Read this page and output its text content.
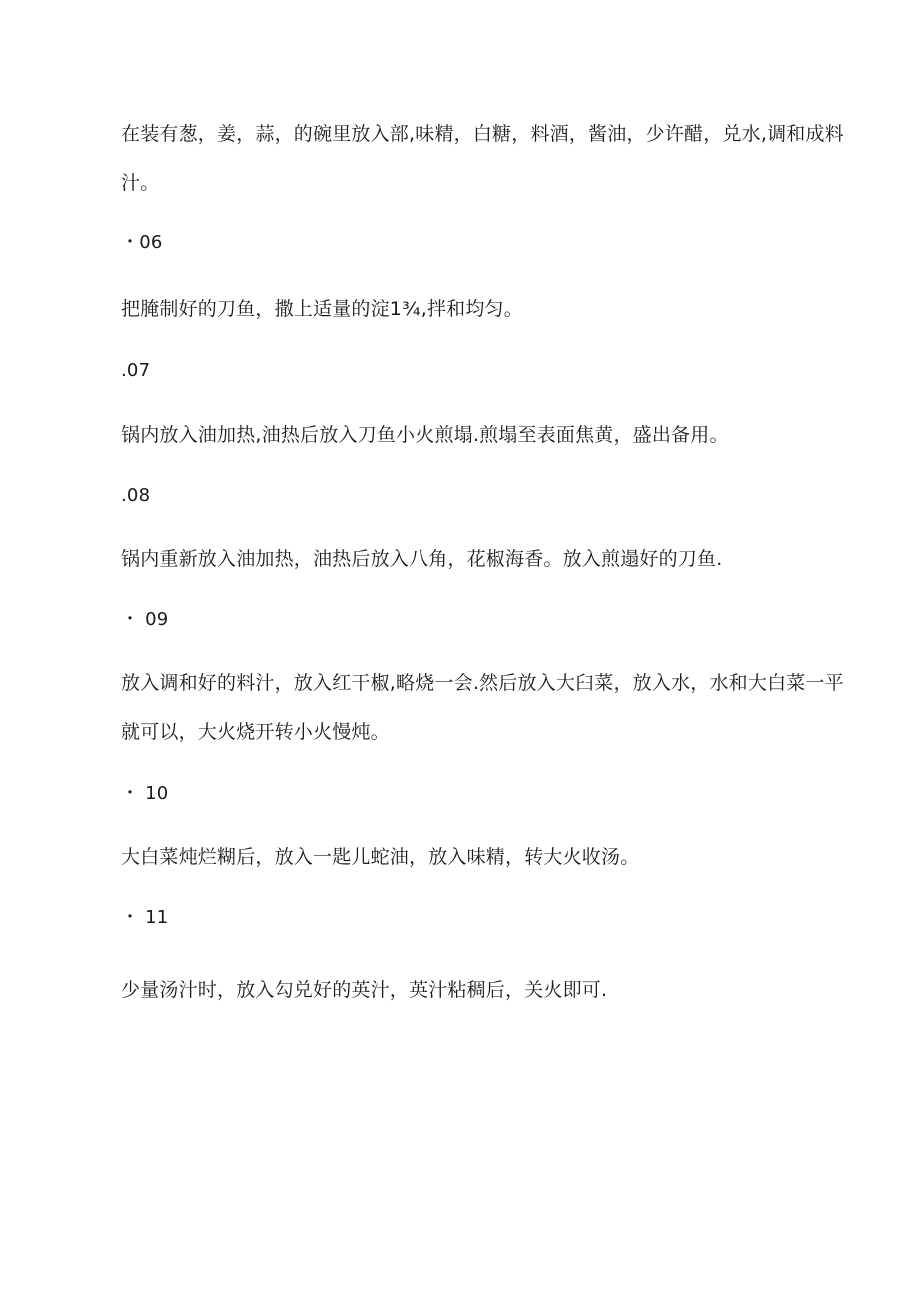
在装有葱，姜，蒜，的碗里放入部,味精，白糖，料酒，酱油，少许醋，兑水,调和成料
汁。
・06
把腌制好的刀鱼，撒上适量的淀1¾,拌和均匀。
.07
锅内放入油加热,油热后放入刀鱼小火煎塌.煎塌至表面焦黄，盛出备用。
.08
锅内重新放入油加热，油热后放入八角，花椒海香。放入煎遢好的刀鱼.
・ 09
放入调和好的料汁，放入红干椒,略烧一会.然后放入大臼菜，放入水，水和大白菜一平
就可以，大火烧开转小火慢炖。
・ 10
大白菜炖烂糊后，放入一匙儿蛇油，放入味精，转大火收汤。
・ 11
少量汤汁时，放入勾兑好的英汁，英汁粘稠后，关火即可.
